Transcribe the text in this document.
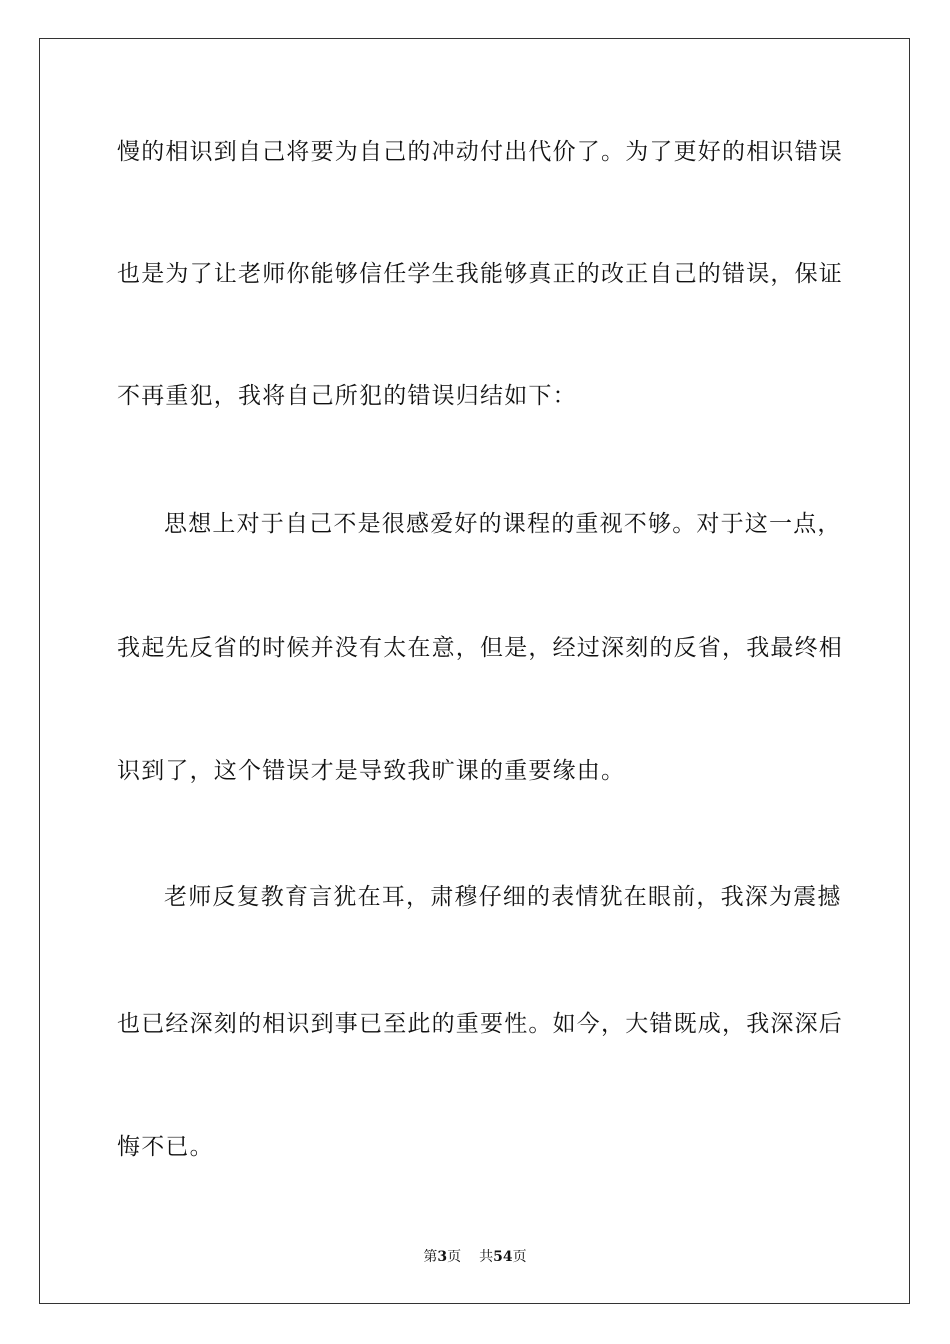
慢的相识到自己将要为自己的冲动付出代价了。为了更好的相识错误
也是为了让老师你能够信任学生我能够真正的改正自己的错误，保证
不再重犯，我将自己所犯的错误归结如下：
思想上对于自己不是很感爱好的课程的重视不够。对于这一点，
我起先反省的时候并没有太在意，但是，经过深刻的反省，我最终相
识到了，这个错误才是导致我旷课的重要缘由。
老师反复教育言犹在耳，肃穆仔细的表情犹在眼前，我深为震撼
也已经深刻的相识到事已至此的重要性。如今，大错既成，我深深后
悔不已。
第3页 共54页
